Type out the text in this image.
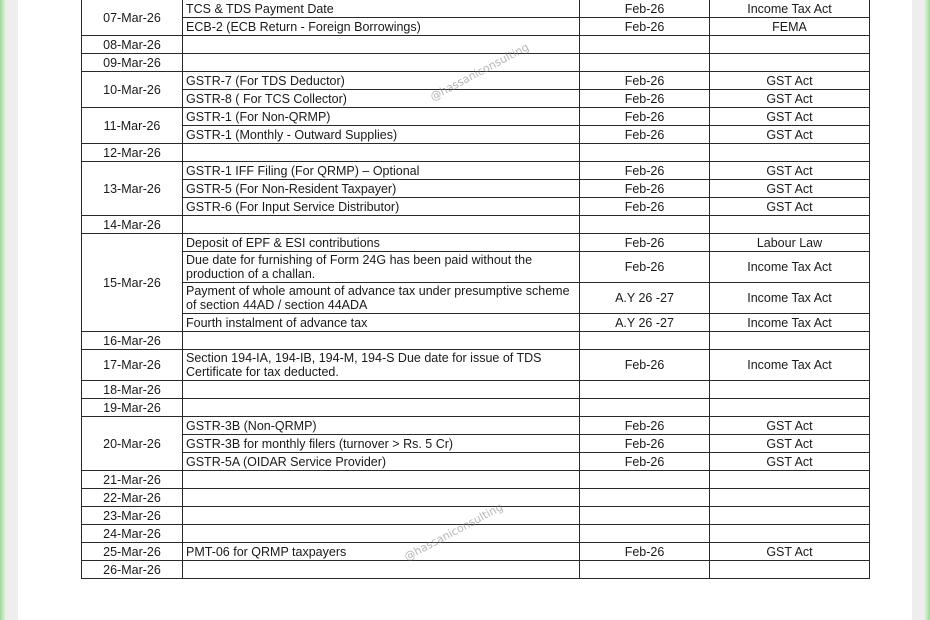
07-Mar-26	TCS & TDS Payment Date	Feb-26	Income Tax Act
	ECB-2 (ECB Return - Foreign Borrowings)	Feb-26	FEMA
08-Mar-26			
09-Mar-26			
10-Mar-26	GSTR-7 (For TDS Deductor)	Feb-26	GST Act
	GSTR-8 ( For TCS Collector)	Feb-26	GST Act
11-Mar-26	GSTR-1 (For Non-QRMP)	Feb-26	GST Act
	GSTR-1 (Monthly - Outward Supplies)	Feb-26	GST Act
12-Mar-26			
13-Mar-26	GSTR-1 IFF Filing (For QRMP) – Optional	Feb-26	GST Act
	GSTR-5 (For Non-Resident Taxpayer)	Feb-26	GST Act
	GSTR-6 (For Input Service Distributor)	Feb-26	GST Act
14-Mar-26			
15-Mar-26	Deposit of EPF & ESI contributions	Feb-26	Labour Law
	Due date for furnishing of Form 24G has been paid without the production of a challan.	Feb-26	Income Tax Act
	Payment of whole amount of advance tax under presumptive scheme of section 44AD / section 44ADA	A.Y 26 -27	Income Tax Act
	Fourth instalment of advance tax	A.Y 26 -27	Income Tax Act
16-Mar-26			
17-Mar-26	Section 194-IA, 194-IB, 194-M, 194-S Due date for issue of TDS Certificate for tax deducted.	Feb-26	Income Tax Act
18-Mar-26			
19-Mar-26			
20-Mar-26	GSTR-3B (Non-QRMP)	Feb-26	GST Act
	GSTR-3B for monthly filers (turnover > Rs. 5 Cr)	Feb-26	GST Act
	GSTR-5A (OIDAR Service Provider)	Feb-26	GST Act
21-Mar-26			
22-Mar-26			
23-Mar-26			
24-Mar-26			
25-Mar-26	PMT-06 for QRMP taxpayers	Feb-26	GST Act
26-Mar-26			
@hassaniconsulting
@hassaniconsulting
